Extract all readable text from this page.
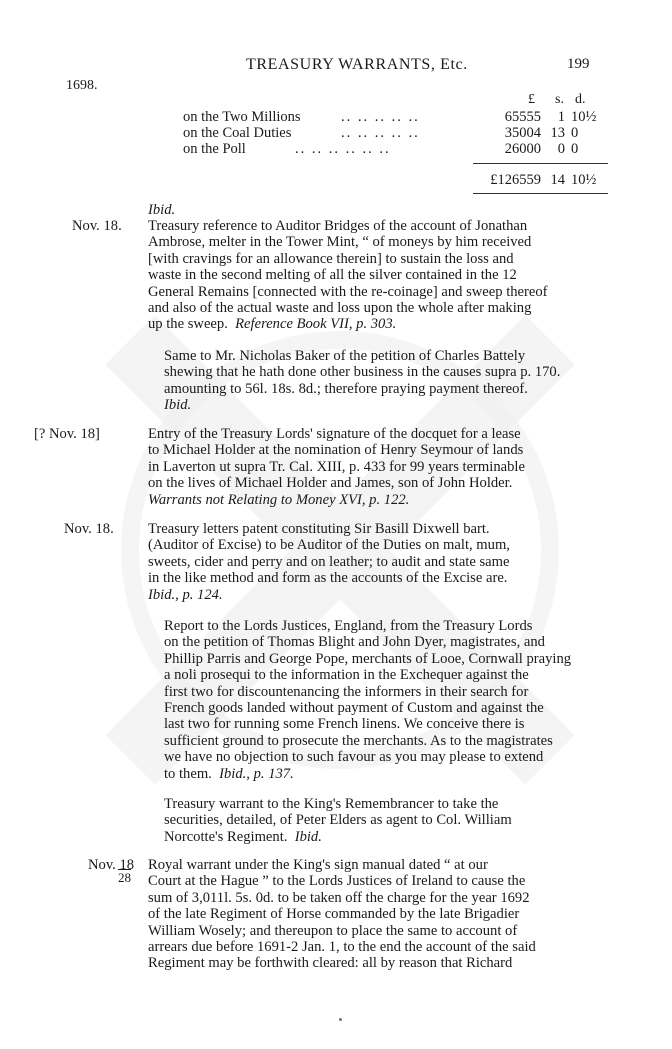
1698.
TREASURY WARRANTS, Etc.	199
£ s. d.
on the Two Millions	.. .. .. .. ..	65555	1 10½
on the Coal Duties	.. .. .. .. ..	35004 13 0
on the Poll	.. .. .. .. .. ..	26000	0 0
£126559 14 10½
Ibid.
Nov. 18. Treasury reference to Auditor Bridges of the account of Jonathan
Ambrose, melter in the Tower Mint, “ of moneys by him received
[with cravings for an allowance therein] to sustain the loss and
waste in the second melting of all the silver contained in the 12
General Remains [connected with the re-coinage] and sweep thereof
and also of the actual waste and loss upon the whole after making
up the sweep. Reference Book VII, p. 303.
Same to Mr. Nicholas Baker of the petition of Charles Battely
shewing that he hath done other business in the causes supra p. 170.
amounting to 56l. 18s. 8d.; therefore praying payment thereof.
Ibid.
[? Nov. 18]	Entry of the Treasury Lords' signature of the docquet for a lease
to Michael Holder at the nomination of Henry Seymour of lands
in Laverton ut supra Tr. Cal. XIII, p. 433 for 99 years terminable
on the lives of Michael Holder and James, son of John Holder.
Warrants not Relating to Money XVI, p. 122.
Nov. 18. Treasury letters patent constituting Sir Basill Dixwell bart.
(Auditor of Excise) to be Auditor of the Duties on malt, mum,
sweets, cider and perry and on leather; to audit and state same
in the like method and form as the accounts of the Excise are.
Ibid., p. 124.
Report to the Lords Justices, England, from the Treasury Lords
on the petition of Thomas Blight and John Dyer, magistrates, and
Phillip Parris and George Pope, merchants of Looe, Cornwall praying
a noli prosequi to the information in the Exchequer against the
first two for discountenancing the informers in their search for
French goods landed without payment of Custom and against the
last two for running some French linens. We conceive there is
sufficient ground to prosecute the merchants. As to the magistrates
we have no objection to such favour as you may please to extend
to them. Ibid., p. 137.
Treasury warrant to the King's Remembrancer to take the
securities, detailed, of Peter Elders as agent to Col. William
Norcotte's Regiment. Ibid.
Nov. 18
28
Royal warrant under the King's sign manual dated “ at our
Court at the Hague ” to the Lords Justices of Ireland to cause the
sum of 3,011l. 5s. 0d. to be taken off the charge for the year 1692
of the late Regiment of Horse commanded by the late Brigadier
William Wosely; and thereupon to place the same to account of
arrears due before 1691-2 Jan. 1, to the end the account of the said
Regiment may be forthwith cleared: all by reason that Richard
